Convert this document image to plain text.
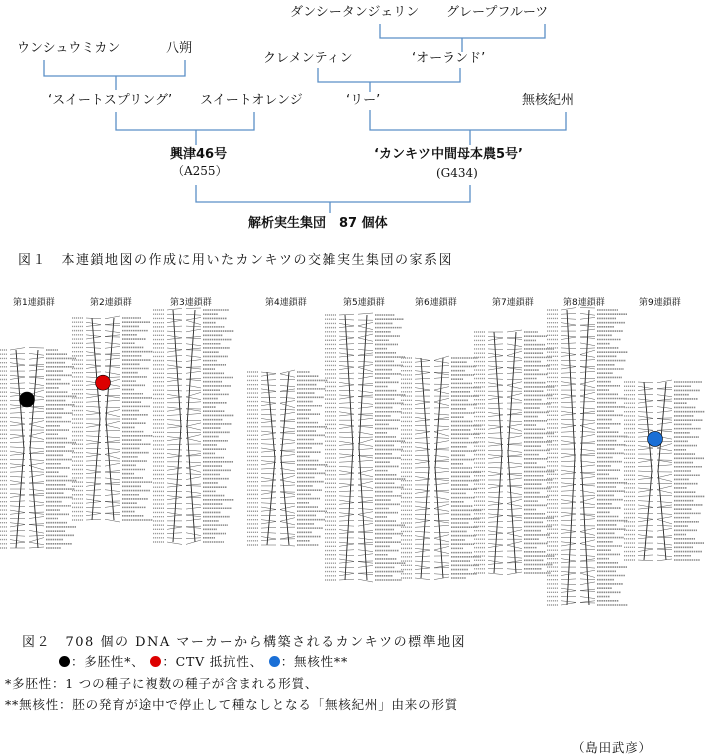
ダンシータンジェリン グレープフルーツ
ウンシュウミカン	八朔
クレメンティン	‘オーランド’
‘スイートスプリング’ スイートオレンジ	‘リー’	無核紀州
興津46号
（A255）
‘カンキツ中間母本農5号’
(G434)
解析実生集団　87 個体
図１　本連鎖地図の作成に用いたカンキツの交雑実生集団の家系図
第1連鎖群	第2連鎖群	第3連鎖群	第4連鎖群	第5連鎖群	第6連鎖群	第7連鎖群	第8連鎖群	第9連鎖群
図２　708 個の DNA マーカーから構築されるカンキツの標準地図
：多胚性*、 ：CTV 抵抗性、 ：無核性**
*多胚性：1 つの種子に複数の種子が含まれる形質、
**無核性：胚の発育が途中で停止して種なしとなる「無核紀州」由来の形質
（島田武彦）
